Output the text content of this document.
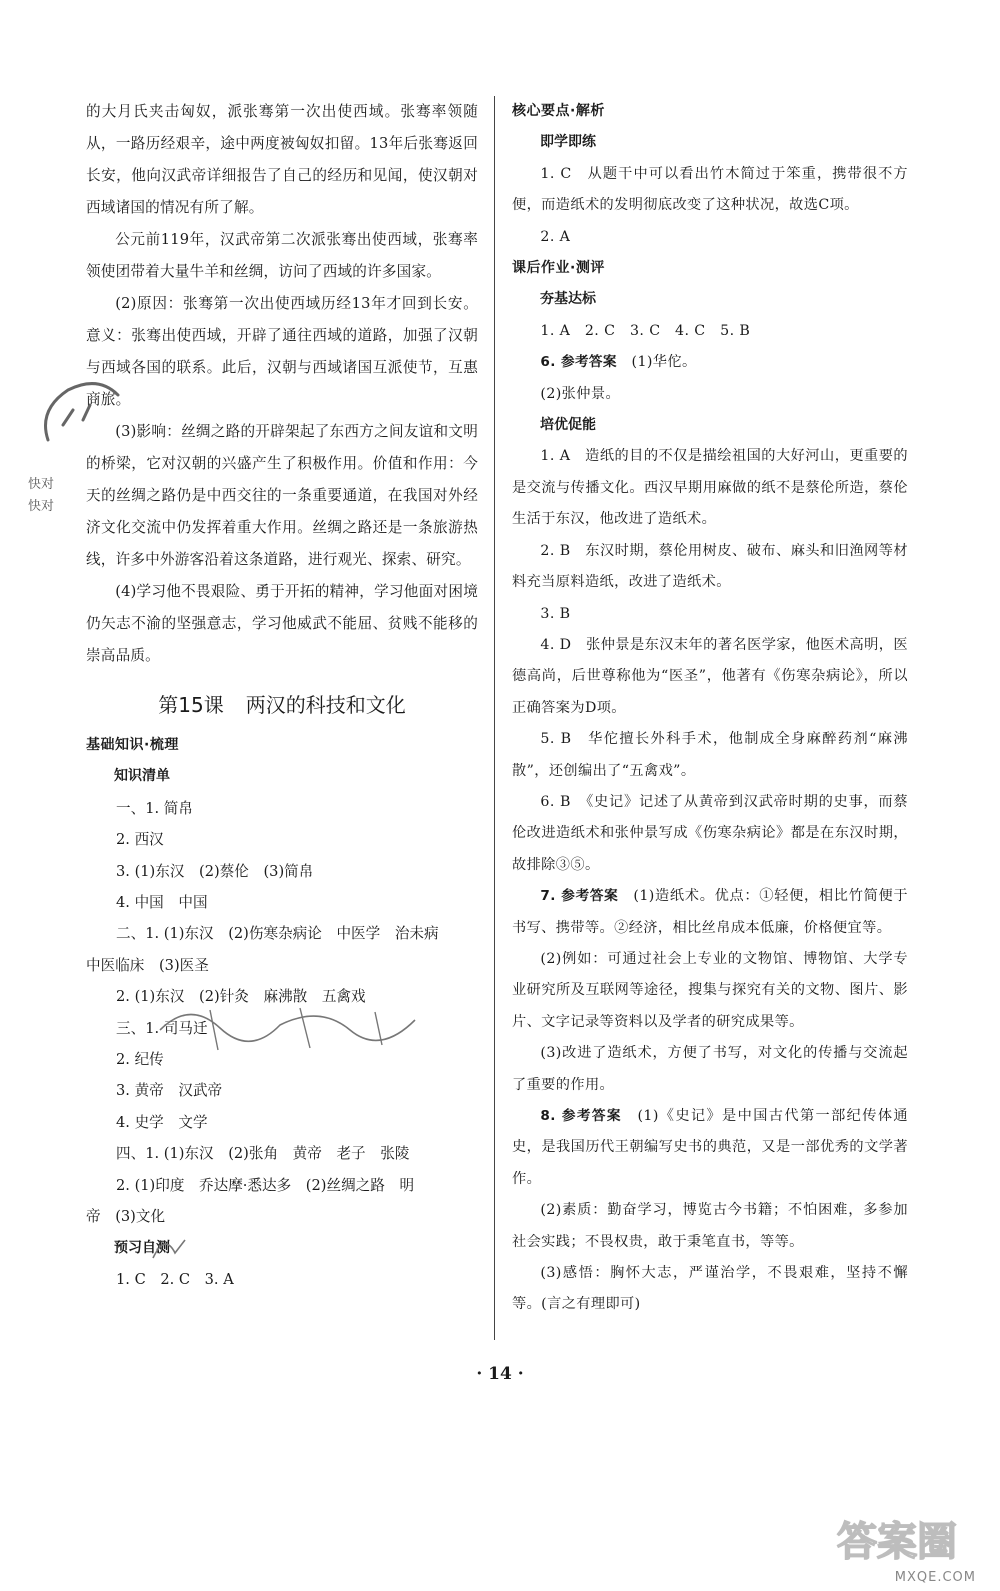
的大月氏夹击匈奴，派张骞第一次出使西域。张骞率领随从，一路历经艰辛，途中两度被匈奴扣留。13年后张骞返回长安，他向汉武帝详细报告了自己的经历和见闻，使汉朝对西域诸国的情况有所了解。

公元前119年，汉武帝第二次派张骞出使西域，张骞率领使团带着大量牛羊和丝绸，访问了西域的许多国家。

(2)原因：张骞第一次出使西域历经13年才回到长安。意义：张骞出使西域，开辟了通往西域的道路，加强了汉朝与西域各国的联系。此后，汉朝与西域诸国互派使节，互惠商旅。

(3)影响：丝绸之路的开辟架起了东西方之间友谊和文明的桥梁，它对汉朝的兴盛产生了积极作用。价值和作用：今天的丝绸之路仍是中西交往的一条重要通道，在我国对外经济文化交流中仍发挥着重大作用。丝绸之路还是一条旅游热线，许多中外游客沿着这条道路，进行观光、探索、研究。

(4)学习他不畏艰险、勇于开拓的精神，学习他面对困境仍矢志不渝的坚强意志，学习他威武不能屈、贫贱不能移的崇高品质。

第15课 两汉的科技和文化

基础知识·梳理

知识清单

一、1. 简帛

2. 西汉

3. (1)东汉　(2)蔡伦　(3)简帛

4. 中国　中国

二、1. (1)东汉　(2)伤寒杂病论　中医学　治未病

中医临床　(3)医圣

2. (1)东汉　(2)针灸　麻沸散　五禽戏

三、1. 司马迁

2. 纪传

3. 黄帝　汉武帝

4. 史学　文学

四、1. (1)东汉　(2)张角　黄帝　老子　张陵

2. (1)印度　乔达摩·悉达多　(2)丝绸之路　明

帝　(3)文化

预习自测

1. C　2. C　3. A

核心要点·解析

即学即练

1. C　从题干中可以看出竹木简过于笨重，携带很不方便，而造纸术的发明彻底改变了这种状况，故选C项。

2. A

课后作业·测评

夯基达标

1. A　2. C　3. C　4. C　5. B

6. 参考答案　 (1)华佗。

(2)张仲景。

培优促能

1. A　造纸的目的不仅是描绘祖国的大好河山，更重要的是交流与传播文化。西汉早期用麻做的纸不是蔡伦所造，蔡伦生活于东汉，他改进了造纸术。

2. B　东汉时期，蔡伦用树皮、破布、麻头和旧渔网等材料充当原料造纸，改进了造纸术。

3. B

4. D　张仲景是东汉末年的著名医学家，他医术高明，医德高尚，后世尊称他为“医圣”，他著有《伤寒杂病论》，所以正确答案为D项。

5. B　华佗擅长外科手术，他制成全身麻醉药剂“麻沸散”，还创编出了“五禽戏”。

6. B　《史记》记述了从黄帝到汉武帝时期的史事，而蔡伦改进造纸术和张仲景写成《伤寒杂病论》都是在东汉时期，故排除③⑤。

7. 参考答案　 (1)造纸术。优点：①轻便，相比竹简便于书写、携带等。②经济，相比丝帛成本低廉，价格便宜等。

(2)例如：可通过社会上专业的文物馆、博物馆、大学专业研究所及互联网等途径，搜集与探究有关的文物、图片、影片、文字记录等资料以及学者的研究成果等。

(3)改进了造纸术，方便了书写，对文化的传播与交流起了重要的作用。

8. 参考答案　 (1)《史记》是中国古代第一部纪传体通史，是我国历代王朝编写史书的典范，又是一部优秀的文学著作。

(2)素质：勤奋学习，博览古今书籍；不怕困难，多参加社会实践；不畏权贵，敢于秉笔直书，等等。

(3)感悟：胸怀大志，严谨治学，不畏艰难，坚持不懈等。(言之有理即可)

· 14 ·
快对
快对
答案圈
MXQE.COM
